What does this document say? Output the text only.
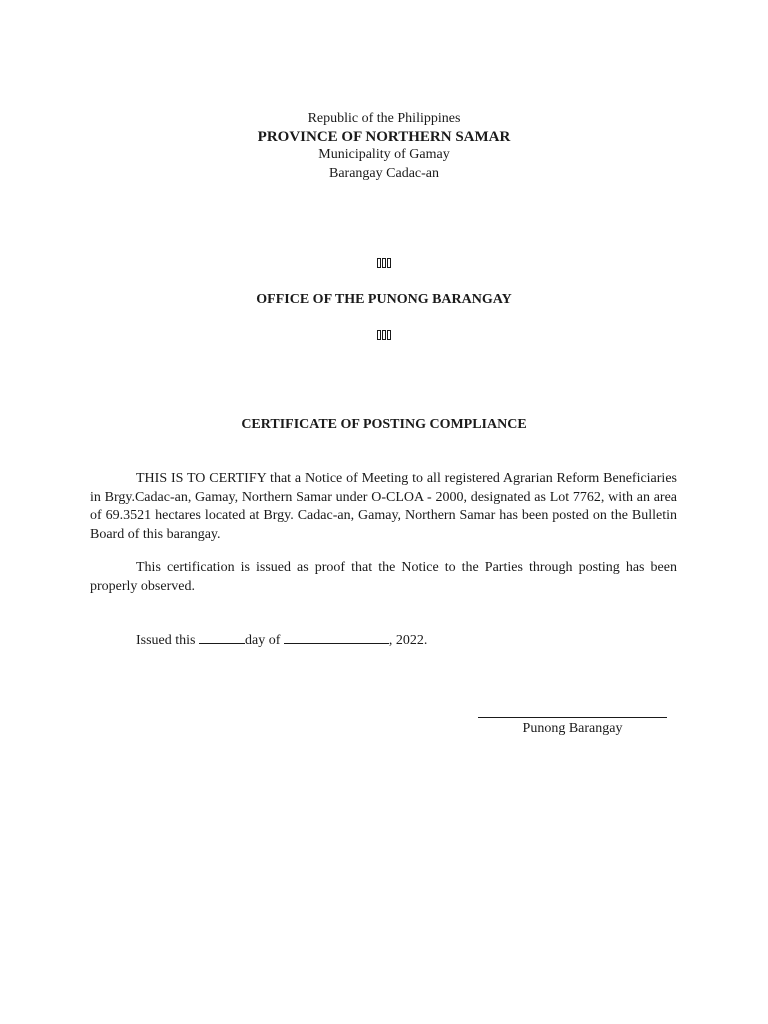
Republic of the Philippines
PROVINCE OF NORTHERN SAMAR
Municipality of Gamay
Barangay Cadac-an
OFFICE OF THE PUNONG BARANGAY
CERTIFICATE OF POSTING COMPLIANCE
THIS IS TO CERTIFY that a Notice of Meeting to all registered Agrarian Reform Beneficiaries in Brgy.Cadac-an, Gamay, Northern Samar under O-CLOA - 2000, designated as Lot 7762, with an area of 69.3521 hectares located at Brgy. Cadac-an, Gamay, Northern Samar has been posted on the Bulletin Board of this barangay.
This certification is issued as proof that the Notice to the Parties through posting has been properly observed.
Issued this	day of	, 2022.
Punong Barangay
